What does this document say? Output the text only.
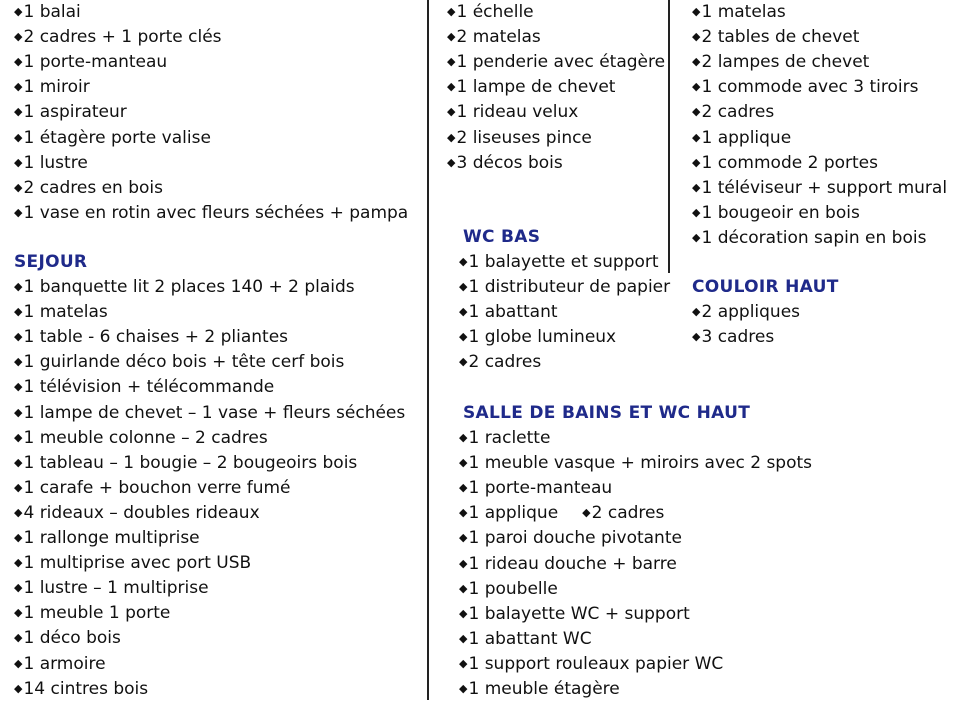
◆1 balai
◆2 cadres + 1 porte clés
◆1 porte-manteau
◆1 miroir
◆1 aspirateur
◆1 étagère porte valise
◆1 lustre
◆2 cadres en bois
◆1 vase en rotin avec fleurs séchées + pampa
SEJOUR
◆1 banquette lit 2 places 140 + 2 plaids
◆1 matelas
◆1 table - 6 chaises + 2 pliantes
◆1 guirlande déco bois + tête cerf bois
◆1 télévision + télécommande
◆1 lampe de chevet – 1 vase + fleurs séchées
◆1 meuble colonne – 2 cadres
◆1 tableau – 1 bougie – 2 bougeoirs bois
◆1 carafe + bouchon verre fumé
◆4 rideaux – doubles rideaux
◆1 rallonge multiprise
◆1 multiprise avec port USB
◆1 lustre – 1 multiprise
◆1 meuble 1 porte
◆1 déco bois
◆1 armoire
◆14 cintres bois
◆1 échelle
◆2 matelas
◆1 penderie avec étagère
◆1 lampe de chevet
◆1 rideau velux
◆2 liseuses pince
◆3 décos bois
WC BAS
◆1 balayette et support
◆1 distributeur de papier
◆1 abattant
◆1 globe lumineux
◆2 cadres
SALLE DE BAINS ET WC HAUT
◆1 raclette
◆1 meuble vasque + miroirs avec 2 spots
◆1 porte-manteau
◆1 applique ◆2 cadres
◆1 paroi douche pivotante
◆1 rideau douche + barre
◆1 poubelle
◆1 balayette WC + support
◆1 abattant WC
◆1 support rouleaux papier WC
◆1 meuble étagère
◆1 matelas
◆2 tables de chevet
◆2 lampes de chevet
◆1 commode avec 3 tiroirs
◆2 cadres
◆1 applique
◆1 commode 2 portes
◆1 téléviseur + support mural
◆1 bougeoir en bois
◆1 décoration sapin en bois
COULOIR HAUT
◆2 appliques
◆3 cadres
